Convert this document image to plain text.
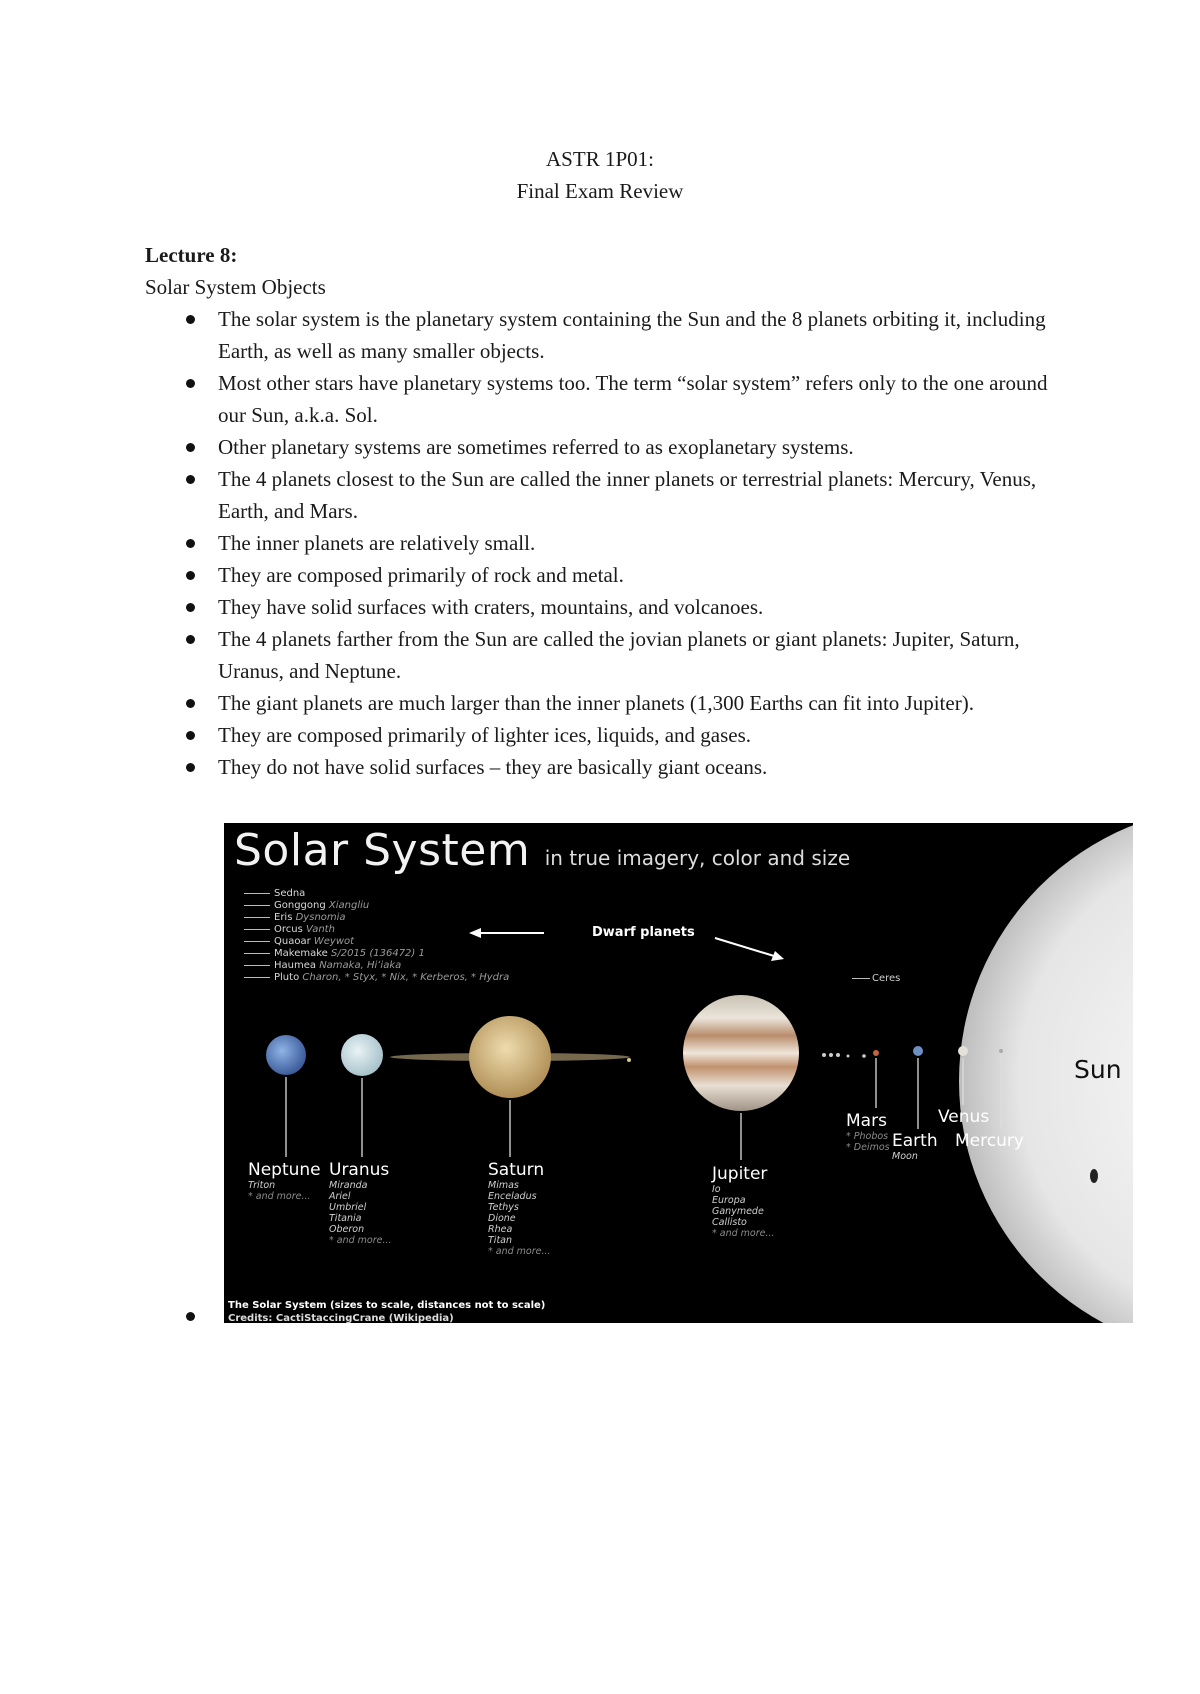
ASTR 1P01:
Final Exam Review
Lecture 8:
Solar System Objects
The solar system is the planetary system containing the Sun and the 8 planets orbiting it, including Earth, as well as many smaller objects.
Most other stars have planetary systems too. The term “solar system” refers only to the one around our Sun, a.k.a. Sol.
Other planetary systems are sometimes referred to as exoplanetary systems.
The 4 planets closest to the Sun are called the inner planets or terrestrial planets: Mercury, Venus, Earth, and Mars.
The inner planets are relatively small.
They are composed primarily of rock and metal.
They have solid surfaces with craters, mountains, and volcanoes.
The 4 planets farther from the Sun are called the jovian planets or giant planets: Jupiter, Saturn, Uranus, and Neptune.
The giant planets are much larger than the inner planets (1,300 Earths can fit into Jupiter).
They are composed primarily of lighter ices, liquids, and gases.
They do not have solid surfaces – they are basically giant oceans.
Solar System in true imagery, color and size
Sedna
Gonggong Xiangliu
Eris Dysnomia
Orcus Vanth
Quaoar Weywot
Makemake S/2015 (136472) 1
Haumea Namaka, Hiʻiaka
Pluto Charon, * Styx, * Nix, * Kerberos, * Hydra
Dwarf planets
Ceres
Sun
Neptune
Triton
* and more...
Uranus
Miranda
Ariel
Umbriel
Titania
Oberon
* and more...
Saturn
Mimas
Enceladus
Tethys
Dione
Rhea
Titan
* and more...
Jupiter
Io
Europa
Ganymede
Callisto
* and more...
Mars
* Phobos
* Deimos Earth
Moon
Venus
Mercury
The Solar System (sizes to scale, distances not to scale)
Credits: CactiStaccingCrane (Wikipedia)
